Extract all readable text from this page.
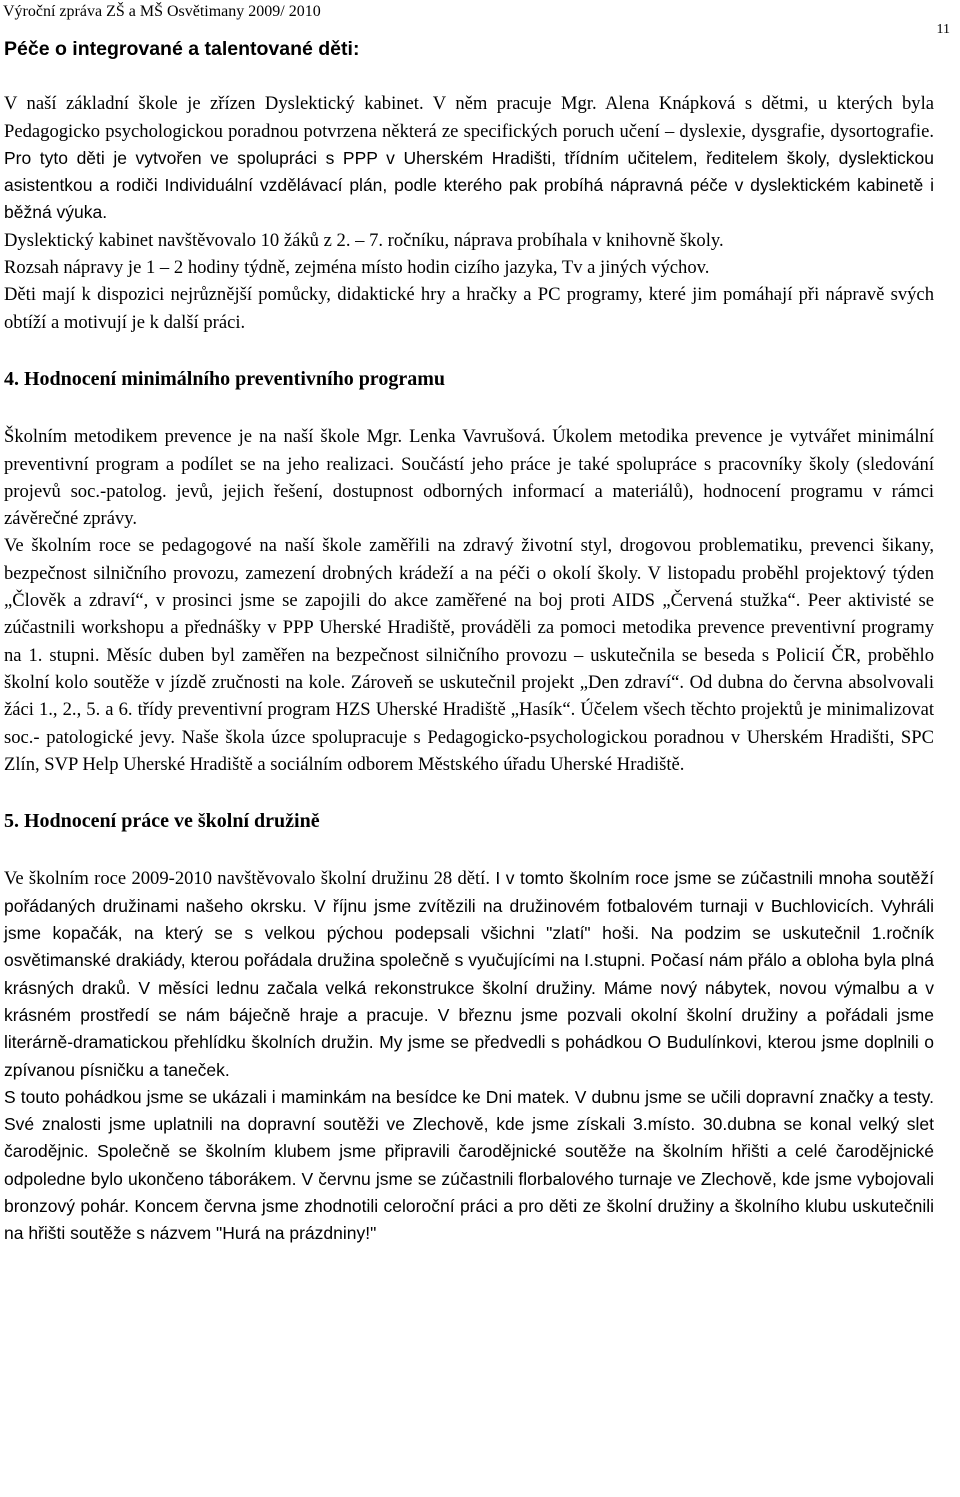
Výroční zpráva ZŠ a MŠ Osvětimany 2009/ 2010
11

Péče o integrované a talentované děti:

V naší základní škole je zřízen Dyslektický kabinet. V něm pracuje Mgr. Alena Knápková s dětmi, u kterých byla Pedagogicko psychologickou poradnou potvrzena některá ze specifických poruch učení – dyslexie, dysgrafie, dysortografie. Pro tyto děti je vytvořen ve spolupráci s PPP v Uherském Hradišti, třídním učitelem, ředitelem školy, dyslektickou asistentkou a rodiči Individuální vzdělávací plán, podle kterého pak probíhá nápravná péče v dyslektickém kabinetě i běžná výuka.

Dyslektický kabinet navštěvovalo 10 žáků z 2. – 7. ročníku, náprava probíhala v knihovně školy.

Rozsah nápravy je 1 – 2 hodiny týdně, zejména místo hodin cizího jazyka, Tv a jiných výchov.

Děti mají k dispozici nejrůznější pomůcky, didaktické hry a hračky a PC programy, které jim pomáhají při nápravě svých obtíží a motivují je k další práci.

4. Hodnocení minimálního preventivního programu

Školním metodikem prevence je na naší škole Mgr. Lenka Vavrušová. Úkolem metodika prevence je vytvářet minimální preventivní program a podílet se na jeho realizaci. Součástí jeho práce je také spolupráce s pracovníky školy (sledování projevů soc.-patolog. jevů, jejich řešení, dostupnost odborných informací a materiálů), hodnocení programu v rámci závěrečné zprávy.

Ve školním roce se pedagogové na naší škole zaměřili na zdravý životní styl, drogovou problematiku, prevenci šikany, bezpečnost silničního provozu, zamezení drobných krádeží a na péči o okolí školy. V listopadu proběhl projektový týden „Člověk a zdraví“, v prosinci jsme se zapojili do akce zaměřené na boj proti AIDS „Červená stužka“. Peer aktivisté se zúčastnili workshopu a přednášky v PPP Uherské Hradiště, prováděli za pomoci metodika prevence preventivní programy na 1. stupni. Měsíc duben byl zaměřen na bezpečnost silničního provozu – uskutečnila se beseda s Policií ČR, proběhlo školní kolo soutěže v jízdě zručnosti na kole. Zároveň se uskutečnil projekt „Den zdraví“. Od dubna do června absolvovali žáci 1., 2., 5. a 6. třídy preventivní program HZS Uherské Hradiště „Hasík“. Účelem všech těchto projektů je minimalizovat soc.- patologické jevy. Naše škola úzce spolupracuje s Pedagogicko-psychologickou poradnou v Uherském Hradišti, SPC Zlín, SVP Help Uherské Hradiště a sociálním odborem Městského úřadu Uherské Hradiště.

5. Hodnocení práce ve školní družině

Ve školním roce 2009-2010 navštěvovalo školní družinu 28 dětí. I v tomto školním roce jsme se zúčastnili mnoha soutěží pořádaných družinami našeho okrsku. V říjnu jsme zvítězili na družinovém fotbalovém turnaji v Buchlovicích. Vyhráli jsme kopačák, na který se s velkou pýchou podepsali všichni "zlatí" hoši. Na podzim se uskutečnil 1.ročník osvětimanské drakiády, kterou pořádala družina společně s vyučujícími na I.stupni. Počasí nám přálo a obloha byla plná krásných draků. V měsíci lednu začala velká rekonstrukce školní družiny. Máme nový nábytek, novou výmalbu a v krásném prostředí se nám báječně hraje a pracuje. V březnu jsme pozvali okolní školní družiny a pořádali jsme literárně-dramatickou přehlídku školních družin. My jsme se předvedli s pohádkou O Budulínkovi, kterou jsme doplnili o zpívanou písničku a taneček.

S touto pohádkou jsme se ukázali i maminkám na besídce ke Dni matek. V dubnu jsme se učili dopravní značky a testy. Své znalosti jsme uplatnili na dopravní soutěži ve Zlechově, kde jsme získali 3.místo. 30.dubna se konal velký slet čarodějnic. Společně se školním klubem jsme připravili čarodějnické soutěže na školním hřišti a celé čarodějnické odpoledne bylo ukončeno táborákem. V červnu jsme se zúčastnili florbalového turnaje ve Zlechově, kde jsme vybojovali bronzový pohár. Koncem června jsme zhodnotili celoroční práci a pro děti ze školní družiny a školního klubu uskutečnili na hřišti soutěže s názvem "Hurá na prázdniny!"
